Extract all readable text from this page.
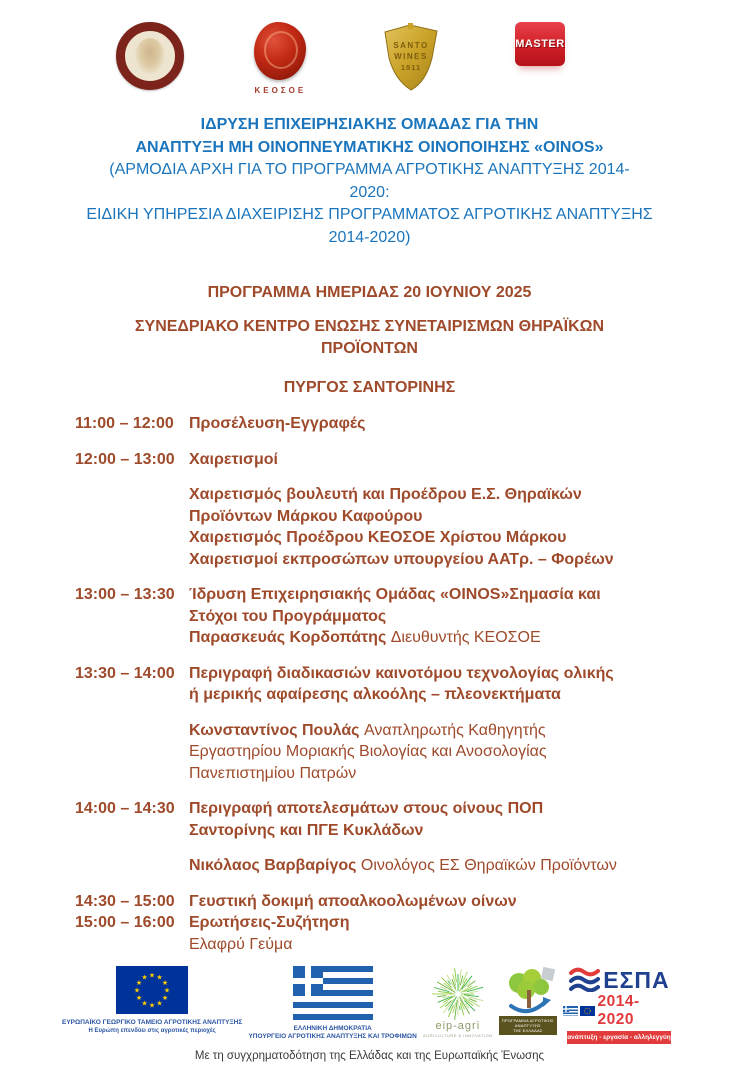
ΚΕΟΣΟΕ
SANTO
WINES
1911
MASTER
ΙΔΡΥΣΗ ΕΠΙΧΕΙΡΗΣΙΑΚΗΣ ΟΜΑΔΑΣ ΓΙΑ ΤΗΝ
ΑΝΑΠΤΥΞΗ ΜΗ ΟΙΝΟΠΝΕΥΜΑΤΙΚΗΣ ΟΙΝΟΠΟΙΗΣΗΣ «OINOS»
(ΑΡΜΟΔΙΑ ΑΡΧΗ ΓΙΑ ΤΟ ΠΡΟΓΡΑΜΜΑ ΑΓΡΟΤΙΚΗΣ ΑΝΑΠΤΥΞΗΣ 2014-
2020:
ΕΙΔΙΚΗ ΥΠΗΡΕΣΙΑ ΔΙΑΧΕΙΡΙΣΗΣ ΠΡΟΓΡΑΜΜΑΤΟΣ ΑΓΡΟΤΙΚΗΣ ΑΝΑΠΤΥΞΗΣ
2014-2020)
ΠΡΟΓΡΑΜΜΑ ΗΜΕΡΙΔΑΣ 20 ΙΟΥΝΙΟΥ 2025
ΣΥΝΕΔΡΙΑΚΟ ΚΕΝΤΡΟ ΕΝΩΣΗΣ ΣΥΝΕΤΑΙΡΙΣΜΩΝ ΘΗΡΑΪΚΩΝ
ΠΡΟΪΟΝΤΩΝ
ΠΥΡΓΟΣ ΣΑΝΤΟΡΙΝΗΣ
11:00 – 12:00 Προσέλευση-Εγγραφές
12:00 – 13:00 Χαιρετισμοί
Χαιρετισμός βουλευτή και Προέδρου Ε.Σ. Θηραϊκών
Προϊόντων Μάρκου Καφούρου
Χαιρετισμός Προέδρου ΚΕΟΣΟΕ Χρίστου Μάρκου
Χαιρετισμοί εκπροσώπων υπουργείου ΑΑΤρ. – Φορέων
13:00 – 13:30 Ίδρυση Επιχειρησιακής Ομάδας «OINOS»Σημασία και
Στόχοι του Προγράμματος
Παρασκευάς Κορδοπάτης Διευθυντής ΚΕΟΣΟΕ
13:30 – 14:00 Περιγραφή διαδικασιών καινοτόμου τεχνολογίας ολικής
ή μερικής αφαίρεσης αλκοόλης – πλεονεκτήματα
Κωνσταντίνος Πουλάς Αναπληρωτής Καθηγητής
Εργαστηρίου Μοριακής Βιολογίας και Ανοσολογίας
Πανεπιστημίου Πατρών
14:00 – 14:30 Περιγραφή αποτελεσμάτων στους οίνους ΠΟΠ
Σαντορίνης και ΠΓΕ Κυκλάδων
Νικόλαος Βαρβαρίγος Οινολόγος ΕΣ Θηραϊκών Προϊόντων
14:30 – 15:00 Γευστική δοκιμή αποαλκοολωμένων οίνων
15:00 – 16:00 Ερωτήσεις-Συζήτηση
Ελαφρύ Γεύμα
★ ★
★
★
★
★
★
★
★
★
★
★
ΕΥΡΩΠΑΪΚΟ ΓΕΩΡΓΙΚΟ ΤΑΜΕΙΟ ΑΓΡΟΤΙΚΗΣ ΑΝΑΠΤΥΞΗΣ
Η Ευρώπη επενδύει στις αγροτικές περιοχές	ΕΛΛΗΝΙΚΗ ΔΗΜΟΚΡΑΤΙΑ
ΥΠΟΥΡΓΕΙΟ ΑΓΡΟΤΙΚΗΣ ΑΝΑΠΤΥΞΗΣ ΚΑΙ ΤΡΟΦΙΜΩΝ
eip-agri
AGRICULTURE & INNOVATION
ΠΡΟΓΡΑΜΜΑ ΑΓΡΟΤΙΚΗΣ ΑΝΑΠΤΥΞΗΣ
ΤΗΣ ΕΛΛΑΔΑΣ
ΕΣΠΑ
2014-2020
ανάπτυξη - εργασία - αλληλεγγύη
Με τη συγχρηματοδότηση της Ελλάδας και της Ευρωπαϊκής Ένωσης
